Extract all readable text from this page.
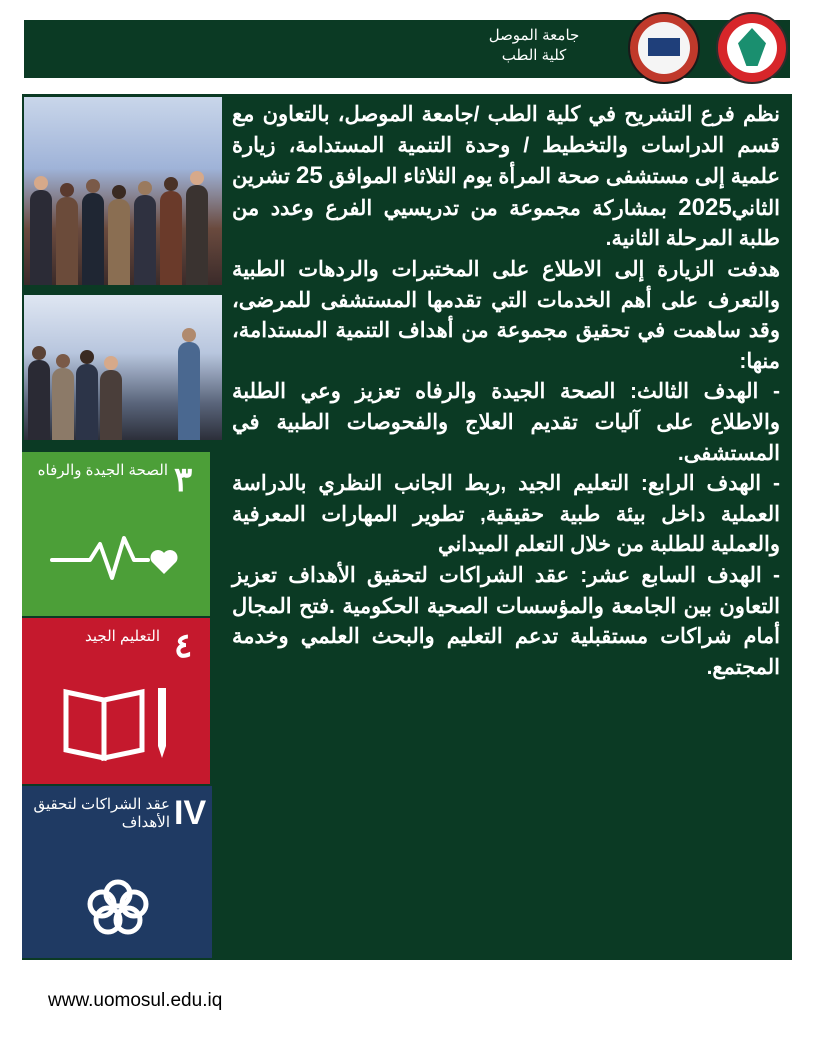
جامعة الموصل
كلية الطب
٣
الصحة الجيدة والرفاه
٤
التعليم الجيد
IV
عقد الشراكات لتحقيق الأهداف

نظم فرع التشريح في كلية الطب /جامعة الموصل، بالتعاون مع قسم الدراسات والتخطيط / وحدة التنمية المستدامة، زيارة علمية إلى مستشفى صحة المرأة يوم الثلاثاء الموافق 25 تشرين الثاني2025 بمشاركة مجموعة من تدريسيي الفرع وعدد من طلبة المرحلة الثانية.

هدفت الزيارة إلى الاطلاع على المختبرات والردهات الطبية والتعرف على أهم الخدمات التي تقدمها المستشفى للمرضى، وقد ساهمت في تحقيق مجموعة من أهداف التنمية المستدامة، منها:

- الهدف الثالث: الصحة الجيدة والرفاه تعزيز وعي الطلبة والاطلاع على آليات تقديم العلاج والفحوصات الطبية في المستشفى.

- الهدف الرابع: التعليم الجيد ,ربط الجانب النظري بالدراسة العملية داخل بيئة طبية حقيقية, تطوير المهارات المعرفية والعملية للطلبة من خلال التعلم الميداني

- الهدف السابع عشر: عقد الشراكات لتحقيق الأهداف تعزيز التعاون بين الجامعة والمؤسسات الصحية الحكومية .فتح المجال أمام شراكات مستقبلية تدعم التعليم والبحث العلمي وخدمة المجتمع.

www.uomosul.edu.iq
